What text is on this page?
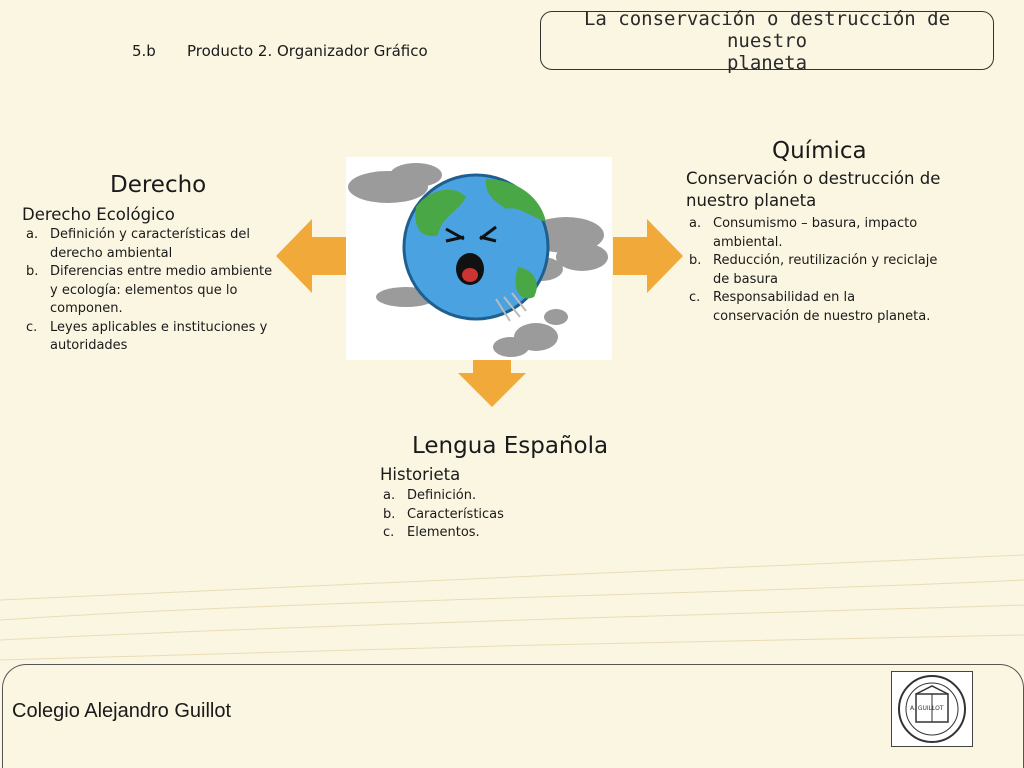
5.b Producto 2. Organizador Gráfico
La conservación o destrucción de nuestro
planeta
Derecho
Derecho Ecológico
a. Definición y características del
derecho ambiental
b. Diferencias entre medio ambiente
y ecología: elementos que lo
componen.
c. Leyes aplicables e instituciones y
autoridades
Química
Conservación o destrucción de
nuestro planeta
a. Consumismo – basura, impacto
ambiental.
b. Reducción, reutilización y reciclaje
de basura
c. Responsabilidad en la
conservación de nuestro planeta.
Lengua Española
Historieta
a. Definición.
b. Características
c. Elementos.
Colegio Alejandro Guillot	A. GUILLOT
